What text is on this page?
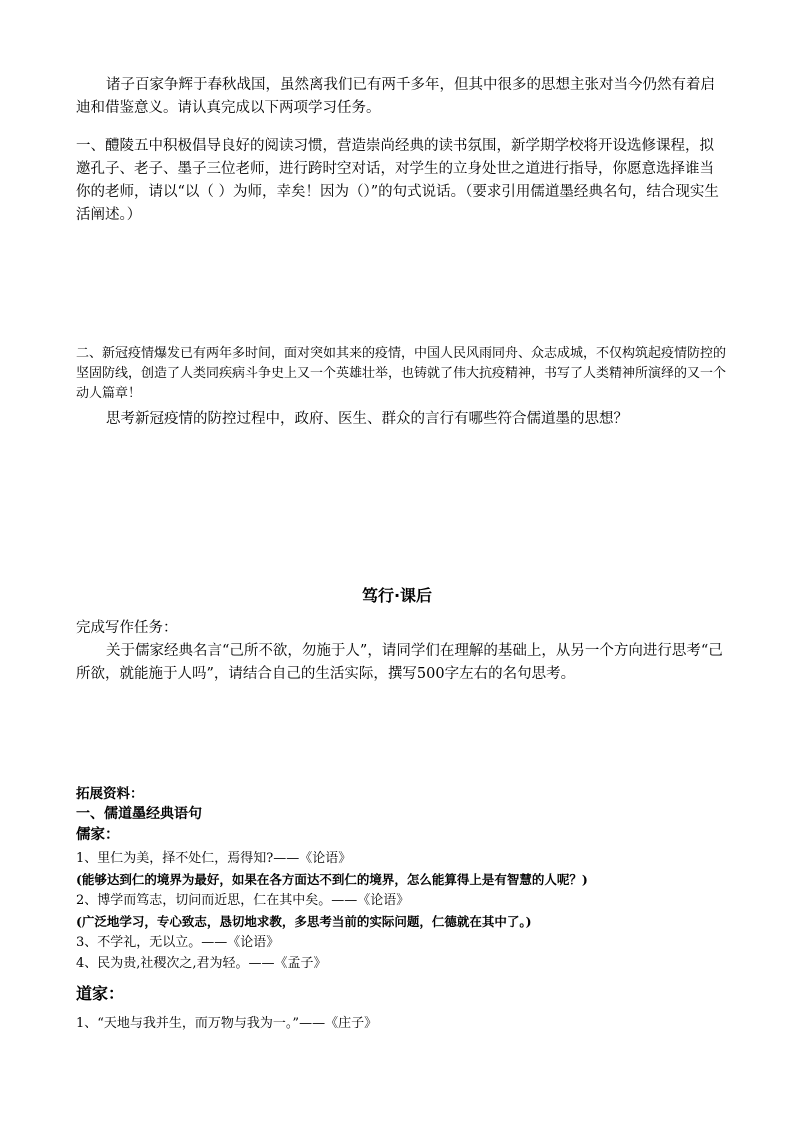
诸子百家争辉于春秋战国，虽然离我们已有两千多年，但其中很多的思想主张对当今仍然有着启迪和借鉴意义。请认真完成以下两项学习任务。

一、醴陵五中积极倡导良好的阅读习惯，营造崇尚经典的读书氛围，新学期学校将开设选修课程，拟邀孔子、老子、墨子三位老师，进行跨时空对话，对学生的立身处世之道进行指导，你愿意选择谁当你的老师，请以“以（ ）为师，幸矣！因为（）”的句式说话。（要求引用儒道墨经典名句，结合现实生活阐述。）

二、新冠疫情爆发已有两年多时间，面对突如其来的疫情，中国人民风雨同舟、众志成城，不仅构筑起疫情防控的坚固防线，创造了人类同疾病斗争史上又一个英雄壮举，也铸就了伟大抗疫精神，书写了人类精神所演绎的又一个动人篇章！

思考新冠疫情的防控过程中，政府、医生、群众的言行有哪些符合儒道墨的思想？

笃行·课后

完成写作任务：

关于儒家经典名言“己所不欲，勿施于人”，请同学们在理解的基础上，从另一个方向进行思考“己所欲，就能施于人吗”，请结合自己的生活实际，撰写500字左右的名句思考。

拓展资料：
一、儒道墨经典语句
儒家：
1、里仁为美，择不处仁，焉得知?——《论语》
(能够达到仁的境界为最好，如果在各方面达不到仁的境界，怎么能算得上是有智慧的人呢？)
2、博学而笃志，切问而近思，仁在其中矣。——《论语》
(广泛地学习，专心致志，恳切地求教，多思考当前的实际问题，仁德就在其中了。)
3、不学礼，无以立。——《论语》
4、民为贵,社稷次之,君为轻。——《孟子》
道家：
1、“天地与我并生，而万物与我为一。”——《庄子》
